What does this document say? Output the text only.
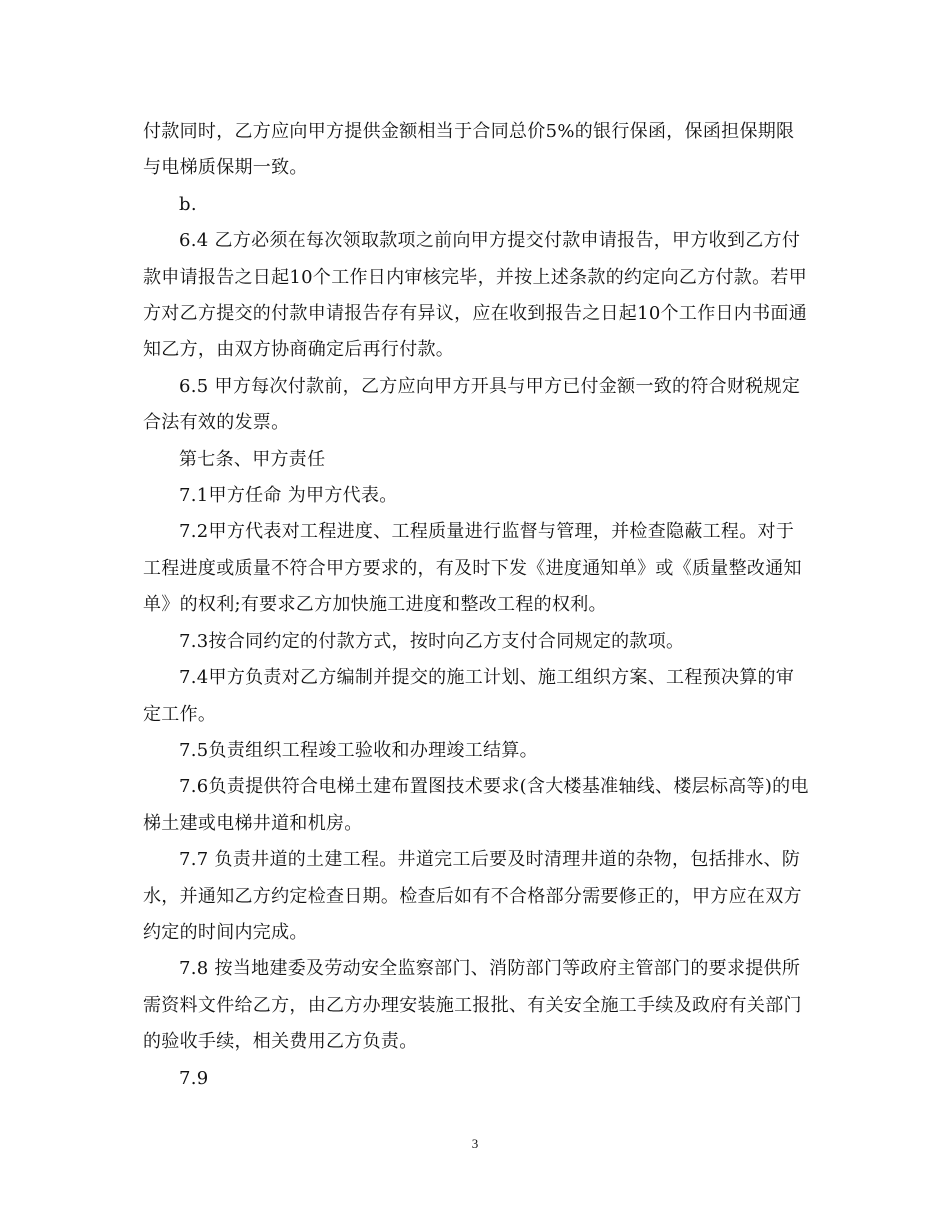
付款同时，乙方应向甲方提供金额相当于合同总价5%的银行保函，保函担保期限与电梯质保期一致。

b.

6.4 乙方必须在每次领取款项之前向甲方提交付款申请报告，甲方收到乙方付款申请报告之日起10个工作日内审核完毕，并按上述条款的约定向乙方付款。若甲方对乙方提交的付款申请报告存有异议，应在收到报告之日起10个工作日内书面通知乙方，由双方协商确定后再行付款。

6.5 甲方每次付款前，乙方应向甲方开具与甲方已付金额一致的符合财税规定合法有效的发票。

第七条、甲方责任

7.1甲方任命 为甲方代表。

7.2甲方代表对工程进度、工程质量进行监督与管理，并检查隐蔽工程。对于工程进度或质量不符合甲方要求的，有及时下发《进度通知单》或《质量整改通知单》的权利;有要求乙方加快施工进度和整改工程的权利。

7.3按合同约定的付款方式，按时向乙方支付合同规定的款项。

7.4甲方负责对乙方编制并提交的施工计划、施工组织方案、工程预决算的审定工作。

7.5负责组织工程竣工验收和办理竣工结算。

7.6负责提供符合电梯土建布置图技术要求(含大楼基准轴线、楼层标高等)的电梯土建或电梯井道和机房。

7.7 负责井道的土建工程。井道完工后要及时清理井道的杂物，包括排水、防水，并通知乙方约定检查日期。检查后如有不合格部分需要修正的，甲方应在双方约定的时间内完成。

7.8 按当地建委及劳动安全监察部门、消防部门等政府主管部门的要求提供所需资料文件给乙方，由乙方办理安装施工报批、有关安全施工手续及政府有关部门的验收手续，相关费用乙方负责。

7.9

3
